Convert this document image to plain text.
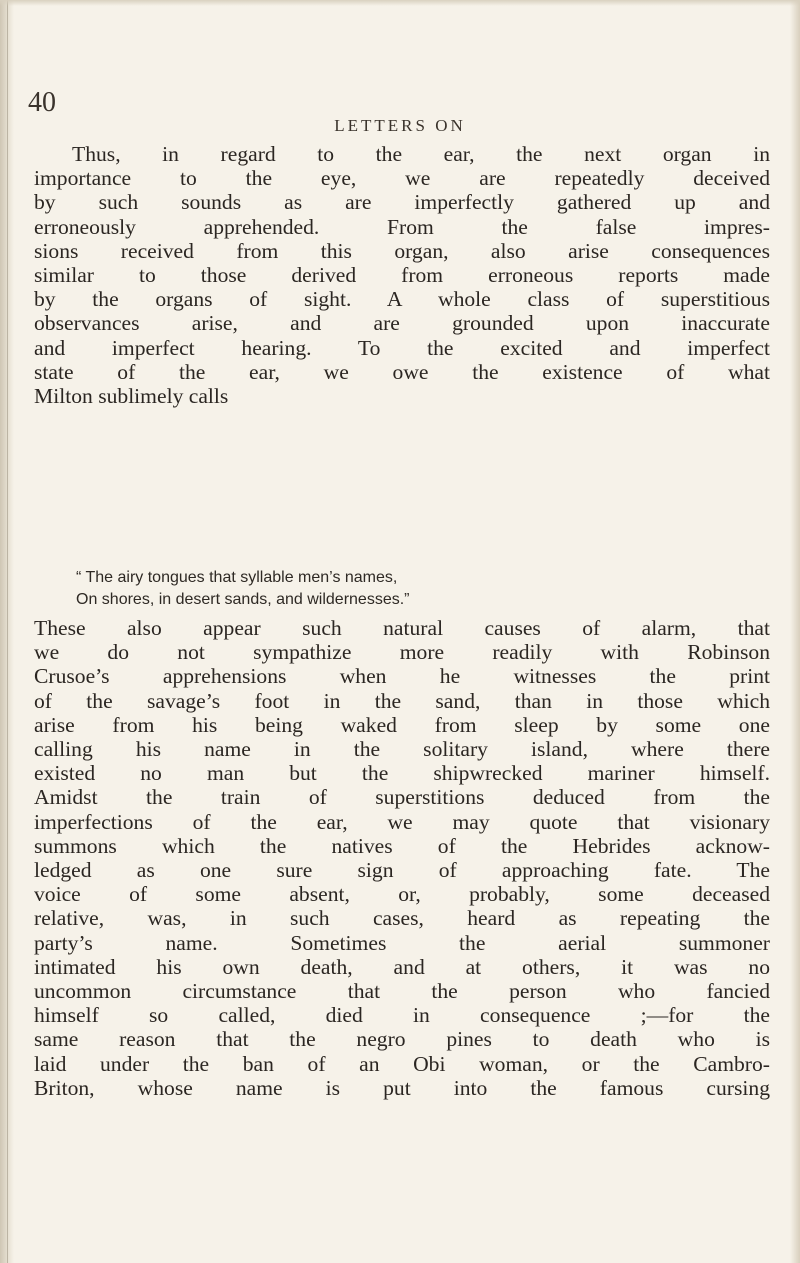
40
LETTERS ON
Thus, in regard to the ear, the next organ in
importance to the eye, we are repeatedly deceived
by such sounds as are imperfectly gathered up and
erroneously apprehended. From the false impres-
sions received from this organ, also arise consequences
similar to those derived from erroneous reports made
by the organs of sight. A whole class of superstitious
observances arise, and are grounded upon inaccurate
and imperfect hearing. To the excited and imperfect
state of the ear, we owe the existence of what
Milton sublimely calls
“ The airy tongues that syllable men’s names,
On shores, in desert sands, and wildernesses.”
These also appear such natural causes of alarm, that
we do not sympathize more readily with Robinson
Crusoe’s apprehensions when he witnesses the print
of the savage’s foot in the sand, than in those which
arise from his being waked from sleep by some one
calling his name in the solitary island, where there
existed no man but the shipwrecked mariner himself.
Amidst the train of superstitions deduced from the
imperfections of the ear, we may quote that visionary
summons which the natives of the Hebrides acknow-
ledged as one sure sign of approaching fate. The
voice of some absent, or, probably, some deceased
relative, was, in such cases, heard as repeating the
party’s name. Sometimes the aerial summoner
intimated his own death, and at others, it was no
uncommon circumstance that the person who fancied
himself so called, died in consequence ;—for the
same reason that the negro pines to death who is
laid under the ban of an Obi woman, or the Cambro-
Briton, whose name is put into the famous cursing
